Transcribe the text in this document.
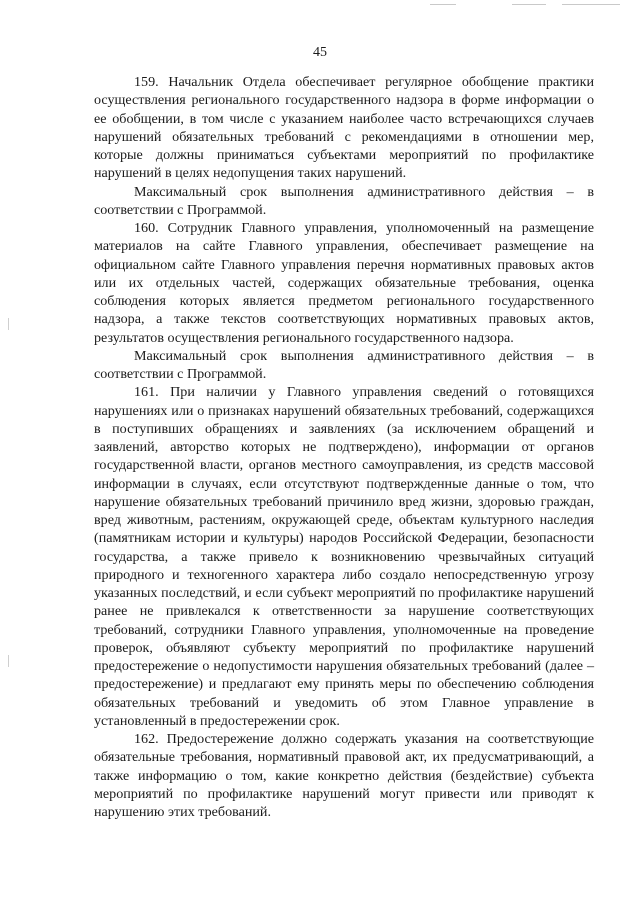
45

159. Начальник Отдела обеспечивает регулярное обобщение практики осуществления регионального государственного надзора в форме информации о ее обобщении, в том числе с указанием наиболее часто встречающихся случаев нарушений обязательных требований с рекомендациями в отношении мер, которые должны приниматься субъектами мероприятий по профилактике нарушений в целях недопущения таких нарушений.

Максимальный срок выполнения административного действия – в соответствии с Программой.

160. Сотрудник Главного управления, уполномоченный на размещение материалов на сайте Главного управления, обеспечивает размещение на официальном сайте Главного управления перечня нормативных правовых актов или их отдельных частей, содержащих обязательные требования, оценка соблюдения которых является предметом регионального государственного надзора, а также текстов соответствующих нормативных правовых актов, результатов осуществления регионального государственного надзора.

Максимальный срок выполнения административного действия – в соответствии с Программой.

161. При наличии у Главного управления сведений о готовящихся нарушениях или о признаках нарушений обязательных требований, содержащихся в поступивших обращениях и заявлениях (за исключением обращений и заявлений, авторство которых не подтверждено), информации от органов государственной власти, органов местного самоуправления, из средств массовой информации в случаях, если отсутствуют подтвержденные данные о том, что нарушение обязательных требований причинило вред жизни, здоровью граждан, вред животным, растениям, окружающей среде, объектам культурного наследия (памятникам истории и культуры) народов Российской Федерации, безопасности государства, а также привело к возникновению чрезвычайных ситуаций природного и техногенного характера либо создало непосредственную угрозу указанных последствий, и если субъект мероприятий по профилактике нарушений ранее не привлекался к ответственности за нарушение соответствующих требований, сотрудники Главного управления, уполномоченные на проведение проверок, объявляют субъекту мероприятий по профилактике нарушений предостережение о недопустимости нарушения обязательных требований (далее – предостережение) и предлагают ему принять меры по обеспечению соблюдения обязательных требований и уведомить об этом Главное управление в установленный в предостережении срок.

162. Предостережение должно содержать указания на соответствующие обязательные требования, нормативный правовой акт, их предусматривающий, а также информацию о том, какие конкретно действия (бездействие) субъекта мероприятий по профилактике нарушений могут привести или приводят к нарушению этих требований.
